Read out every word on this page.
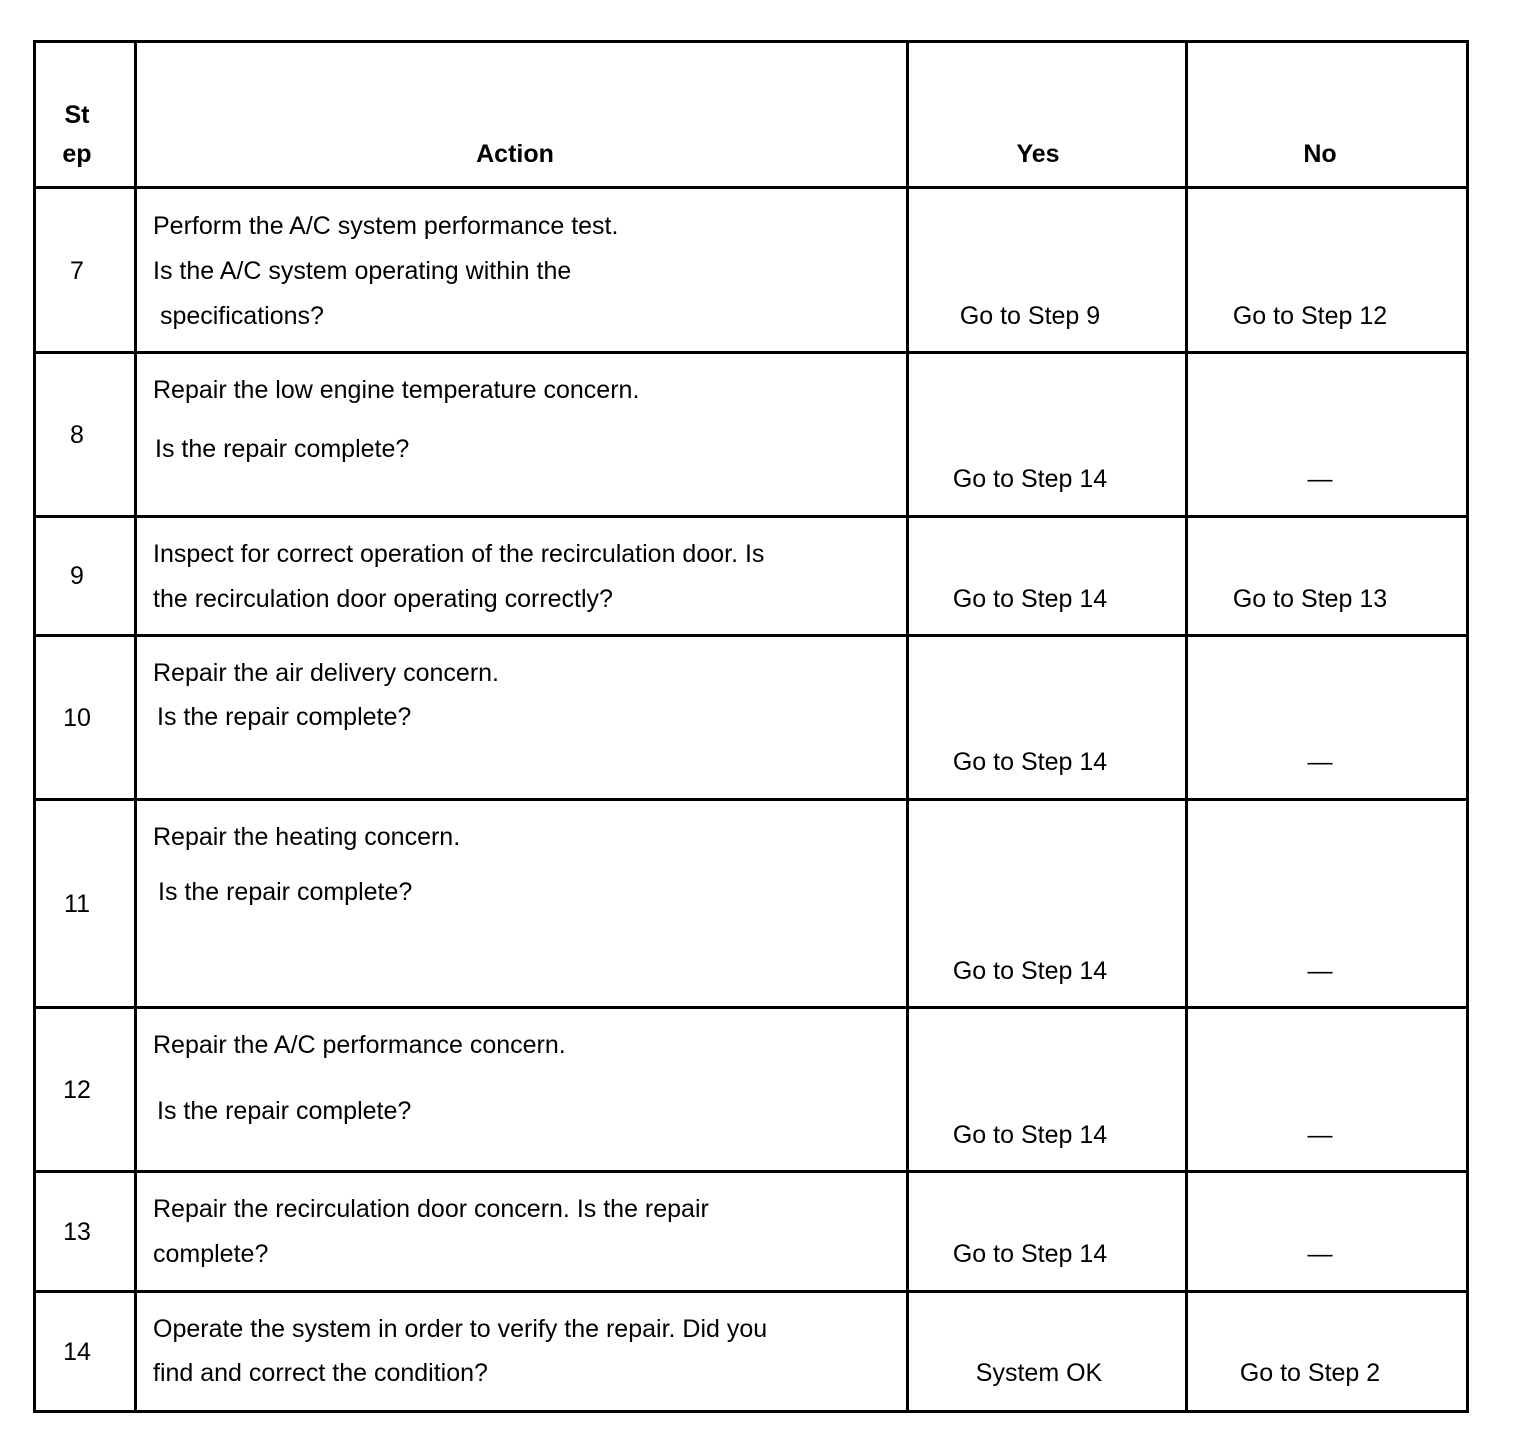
St

ep	Action	Yes	No

7

Perform the A/C system performance test.

Is the A/C system operating within the

specifications?	Go to Step 9	Go to Step 12

8

Repair the low engine temperature concern.

Is the repair complete?

Go to Step 14	—

9

Inspect for correct operation of the recirculation door. Is

the recirculation door operating correctly?	Go to Step 14	Go to Step 13

10

Repair the air delivery concern.

Is the repair complete?

Go to Step 14	—

11

Repair the heating concern.

Is the repair complete?

Go to Step 14	—

12

Repair the A/C performance concern.

Is the repair complete?

Go to Step 14	—

13

Repair the recirculation door concern. Is the repair

complete?	Go to Step 14	—

14

Operate the system in order to verify the repair. Did you

find and correct the condition?	System OK	Go to Step 2
